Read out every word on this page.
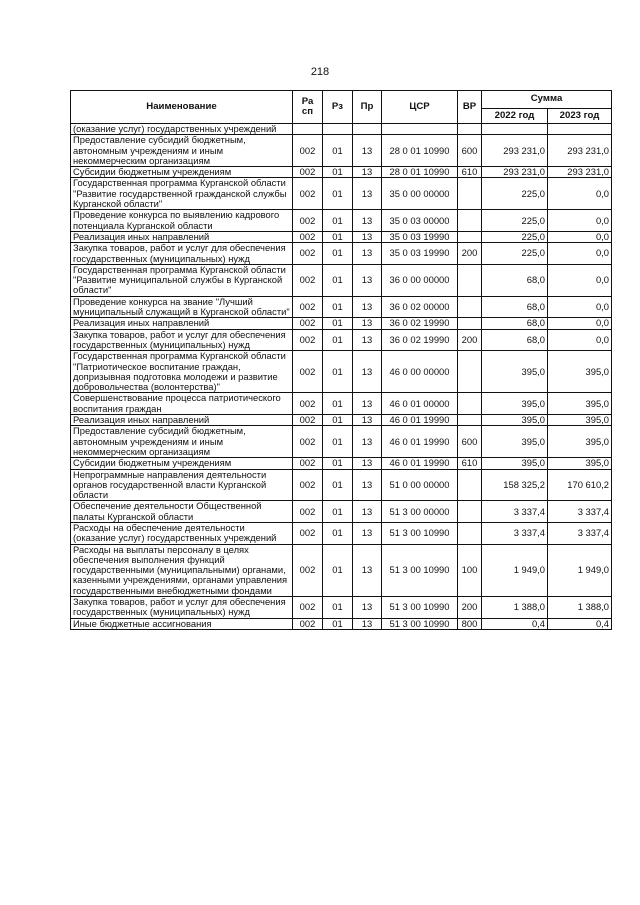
218
Наименование	Ра сп	Рз	Пр	ЦСР	ВР	Сумма	
						2022 год	2023 год
(оказание услуг) государственных учреждений							
Предоставление субсидий бюджетным, автономным учреждениям и иным некоммерческим организациям	002	01	13	28 0 01 10990	600	293 231,0	293 231,0
Субсидии бюджетным учреждениям	002	01	13	28 0 01 10990	610	293 231,0	293 231,0
Государственная программа Курганской области "Развитие государственной гражданской службы Курганской области"	002	01	13	35 0 00 00000		225,0	0,0
Проведение конкурса по выявлению кадрового потенциала Курганской области	002	01	13	35 0 03 00000		225,0	0,0
Реализация иных направлений	002	01	13	35 0 03 19990		225,0	0,0
Закупка товаров, работ и услуг для обеспечения государственных (муниципальных) нужд	002	01	13	35 0 03 19990	200	225,0	0,0
Государственная программа Курганской области "Развитие муниципальной службы в Курганской области"	002	01	13	36 0 00 00000		68,0	0,0
Проведение конкурса на звание "Лучший муниципальный служащий в Курганской области"	002	01	13	36 0 02 00000		68,0	0,0
Реализация иных направлений	002	01	13	36 0 02 19990		68,0	0,0
Закупка товаров, работ и услуг для обеспечения государственных (муниципальных) нужд	002	01	13	36 0 02 19990	200	68,0	0,0
Государственная программа Курганской области "Патриотическое воспитание граждан, допризывная подготовка молодежи и развитие добровольчества (волонтерства)"	002	01	13	46 0 00 00000		395,0	395,0
Совершенствование процесса патриотического воспитания граждан	002	01	13	46 0 01 00000		395,0	395,0
Реализация иных направлений	002	01	13	46 0 01 19990		395,0	395,0
Предоставление субсидий бюджетным, автономным учреждениям и иным некоммерческим организациям	002	01	13	46 0 01 19990	600	395,0	395,0
Субсидии бюджетным учреждениям	002	01	13	46 0 01 19990	610	395,0	395,0
Непрограммные направления деятельности органов государственной власти Курганской области	002	01	13	51 0 00 00000		158 325,2	170 610,2
Обеспечение деятельности Общественной палаты Курганской области	002	01	13	51 3 00 00000		3 337,4	3 337,4
Расходы на обеспечение деятельности (оказание услуг) государственных учреждений	002	01	13	51 3 00 10990		3 337,4	3 337,4
Расходы на выплаты персоналу в целях обеспечения выполнения функций государственными (муниципальными) органами, казенными учреждениями, органами управления государственными внебюджетными фондами	002	01	13	51 3 00 10990	100	1 949,0	1 949,0
Закупка товаров, работ и услуг для обеспечения государственных (муниципальных) нужд	002	01	13	51 3 00 10990	200	1 388,0	1 388,0
Иные бюджетные ассигнования	002	01	13	51 3 00 10990	800	0,4	0,4
